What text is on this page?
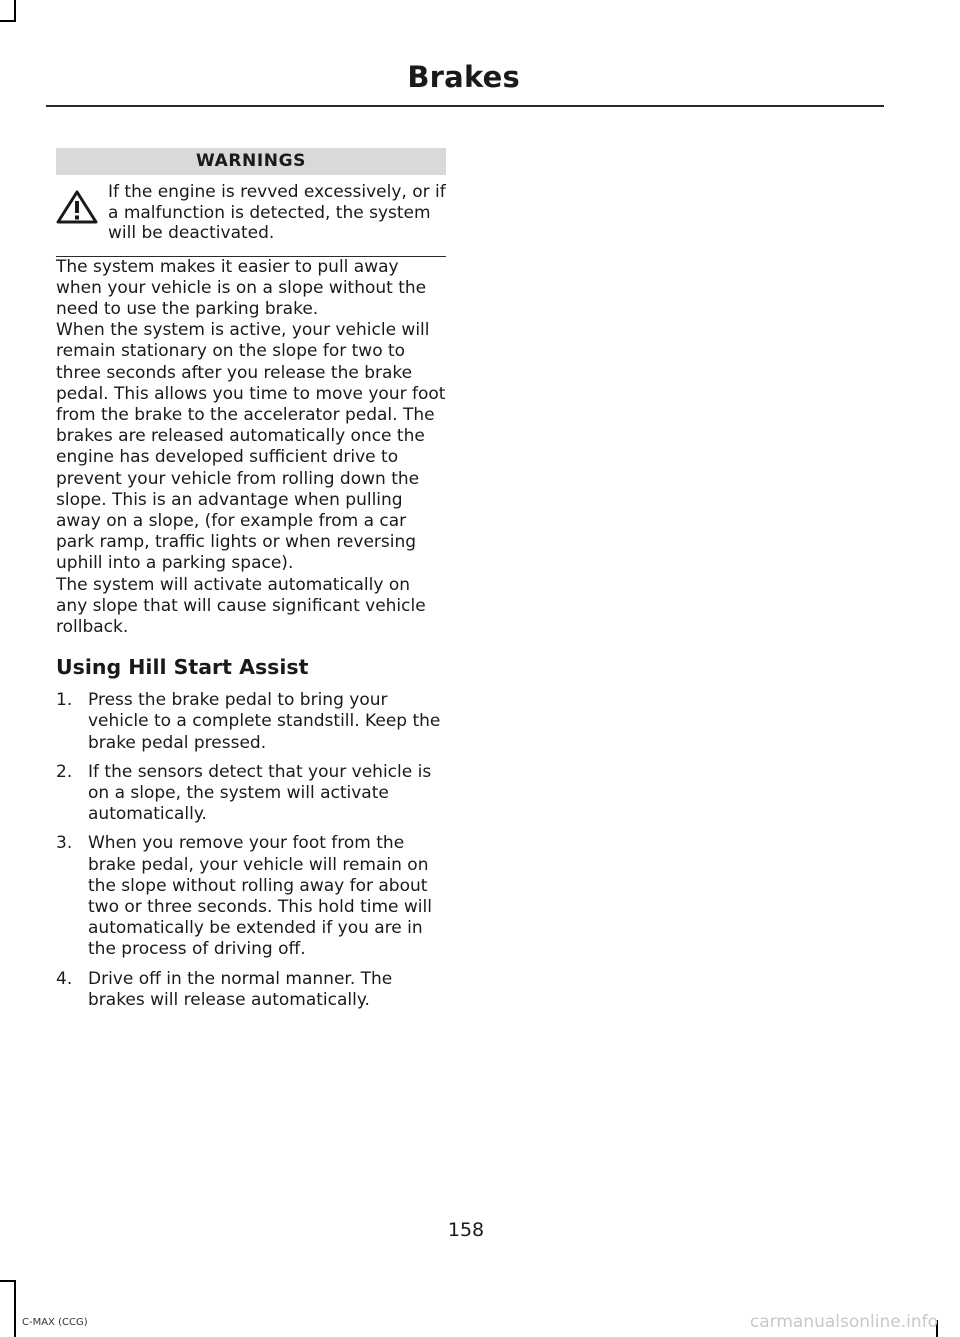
Brakes
WARNINGS
If the engine is revved excessively, or if a malfunction is detected, the system will be deactivated.

The system makes it easier to pull away when your vehicle is on a slope without the need to use the parking brake.

When the system is active, your vehicle will remain stationary on the slope for two to three seconds after you release the brake pedal. This allows you time to move your foot from the brake to the accelerator pedal. The brakes are released automatically once the engine has developed sufficient drive to prevent your vehicle from rolling down the slope. This is an advantage when pulling away on a slope, (for example from a car park ramp, traffic lights or when reversing uphill into a parking space).

The system will activate automatically on any slope that will cause significant vehicle rollback.

Using Hill Start Assist
1. Press the brake pedal to bring your vehicle to a complete standstill. Keep the brake pedal pressed.
2. If the sensors detect that your vehicle is on a slope, the system will activate automatically.
3. When you remove your foot from the brake pedal, your vehicle will remain on the slope without rolling away for about two or three seconds. This hold time will automatically be extended if you are in the process of driving off.
4. Drive off in the normal manner. The brakes will release automatically.
158
C-MAX (CCG)	carmanualsonline.info
